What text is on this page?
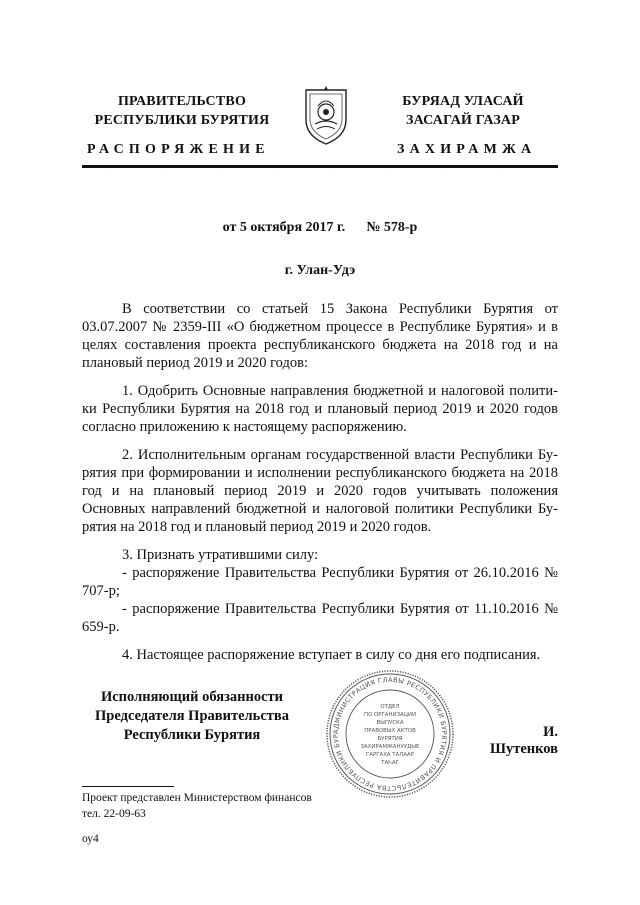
ПРАВИТЕЛЬСТВО
РЕСПУБЛИКИ БУРЯТИЯ
БУРЯАД УЛАСАЙ
ЗАСАГАЙ ГАЗАР
РАСПОРЯЖЕНИЕ	ЗАХИРАМЖА
от 5 октября 2017 г. № 578-р
г. Улан-Удэ

В соответствии со статьей 15 Закона Республики Бурятия от 03.07.2007 № 2359-III «О бюджетном процессе в Республике Бурятия» и в целях составления проекта республиканского бюджета на 2018 год и на плановый период 2019 и 2020 годов:

1. Одобрить Основные направления бюджетной и налоговой политики Республики Бурятия на 2018 год и плановый период 2019 и 2020 годов согласно приложению к настоящему распоряжению.

2. Исполнительным органам государственной власти Республики Бурятия при формировании и исполнении республиканского бюджета на 2018 год и на плановый период 2019 и 2020 годов учитывать положения Основных направлений бюджетной и налоговой политики Республики Бурятия на 2018 год и плановый период 2019 и 2020 годов.

3. Признать утратившими силу:

- распоряжение Правительства Республики Бурятия от 26.10.2016 № 707-р;

- распоряжение Правительства Республики Бурятия от 11.10.2016 № 659-р.

4. Настоящее распоряжение вступает в силу со дня его подписания.

Исполняющий обязанности
Председателя Правительства
Республики Бурятия	АДМИНИСТРАЦИЯ ГЛАВЫ РЕСПУБЛИКИ БУРЯТИЯ И ПРАВИТЕЛЬСТВА РЕСПУБЛИКИ БУР
ОТДЕЛ
ПО ОРГАНИЗАЦИИ
ВЫПУСКА
ПРАВОВЫХ АКТОВ
БУРЯТИЯ
ЗАХИРАМЖАНУУДЫЕ
ГАРГАХА ТАЛААР
ТАҺАГ
И. Шутенков
Проект представлен Министерством финансов
тел. 22-09-63
оу4
